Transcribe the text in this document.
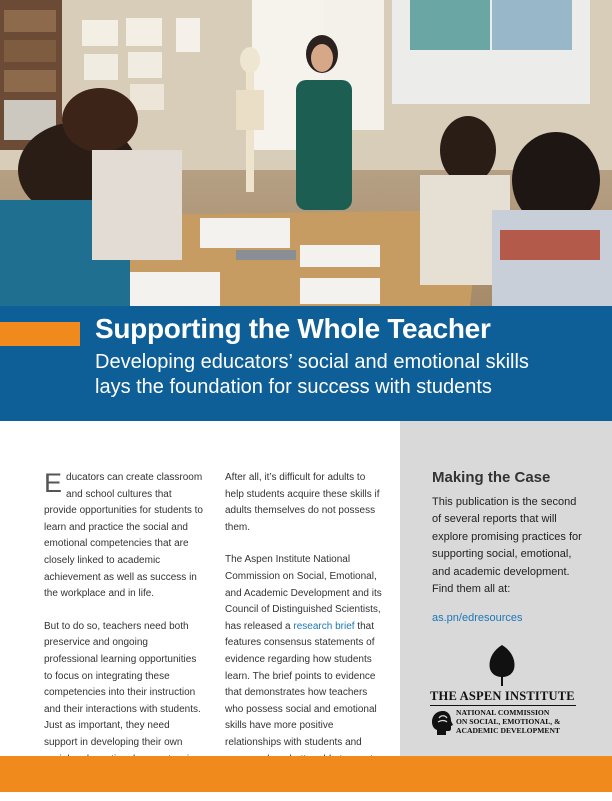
Supporting the Whole Teacher
Developing educators’ social and emotional skills
lays the foundation for success with students

Educators can create classroom and school cultures that provide opportunities for students to learn and practice the social and emotional competencies that are closely linked to academic achievement as well as success in the workplace and in life.

But to do so, teachers need both preservice and ongoing professional learning opportunities to focus on integrating these competencies into their instruction and their interactions with students. Just as important, they need support in developing their own

After all, it’s difficult for adults to help students acquire these skills if adults themselves do not possess them.

The Aspen Institute National Commission on Social, Emotional, and Academic Development and its Council of Distinguished Scientists, has released a research brief that features consensus statements of evidence regarding how students learn. The brief points to evidence that demonstrates how teachers who possess social and emotional skills have more positive relationships with students and

Making the Case
This publication is the second of several reports that will explore promising practices for supporting social, emotional, and academic development. Find them all at:
as.pn/edresources
THE ASPEN INSTITUTE
NATIONAL COMMISSION
ON SOCIAL, EMOTIONAL, &
ACADEMIC DEVELOPMENT
